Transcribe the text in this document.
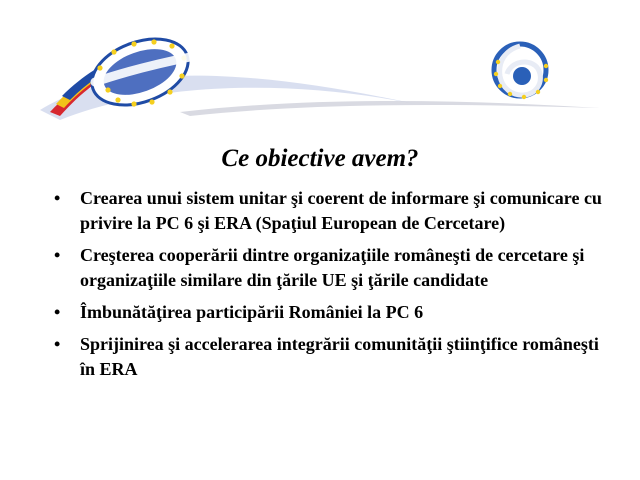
Ce obiective avem?
• Crearea unui sistem unitar şi coerent de informare şi comunicare cu privire la PC 6 şi ERA (Spaţiul European de Cercetare)
• Creşterea cooperării dintre organizaţiile româneşti de cercetare şi organizaţiile similare din ţările UE şi ţările candidate
• Îmbunătăţirea participării României la PC 6
• Sprijinirea şi accelerarea integrării comunităţii ştiinţifice româneşti în ERA
